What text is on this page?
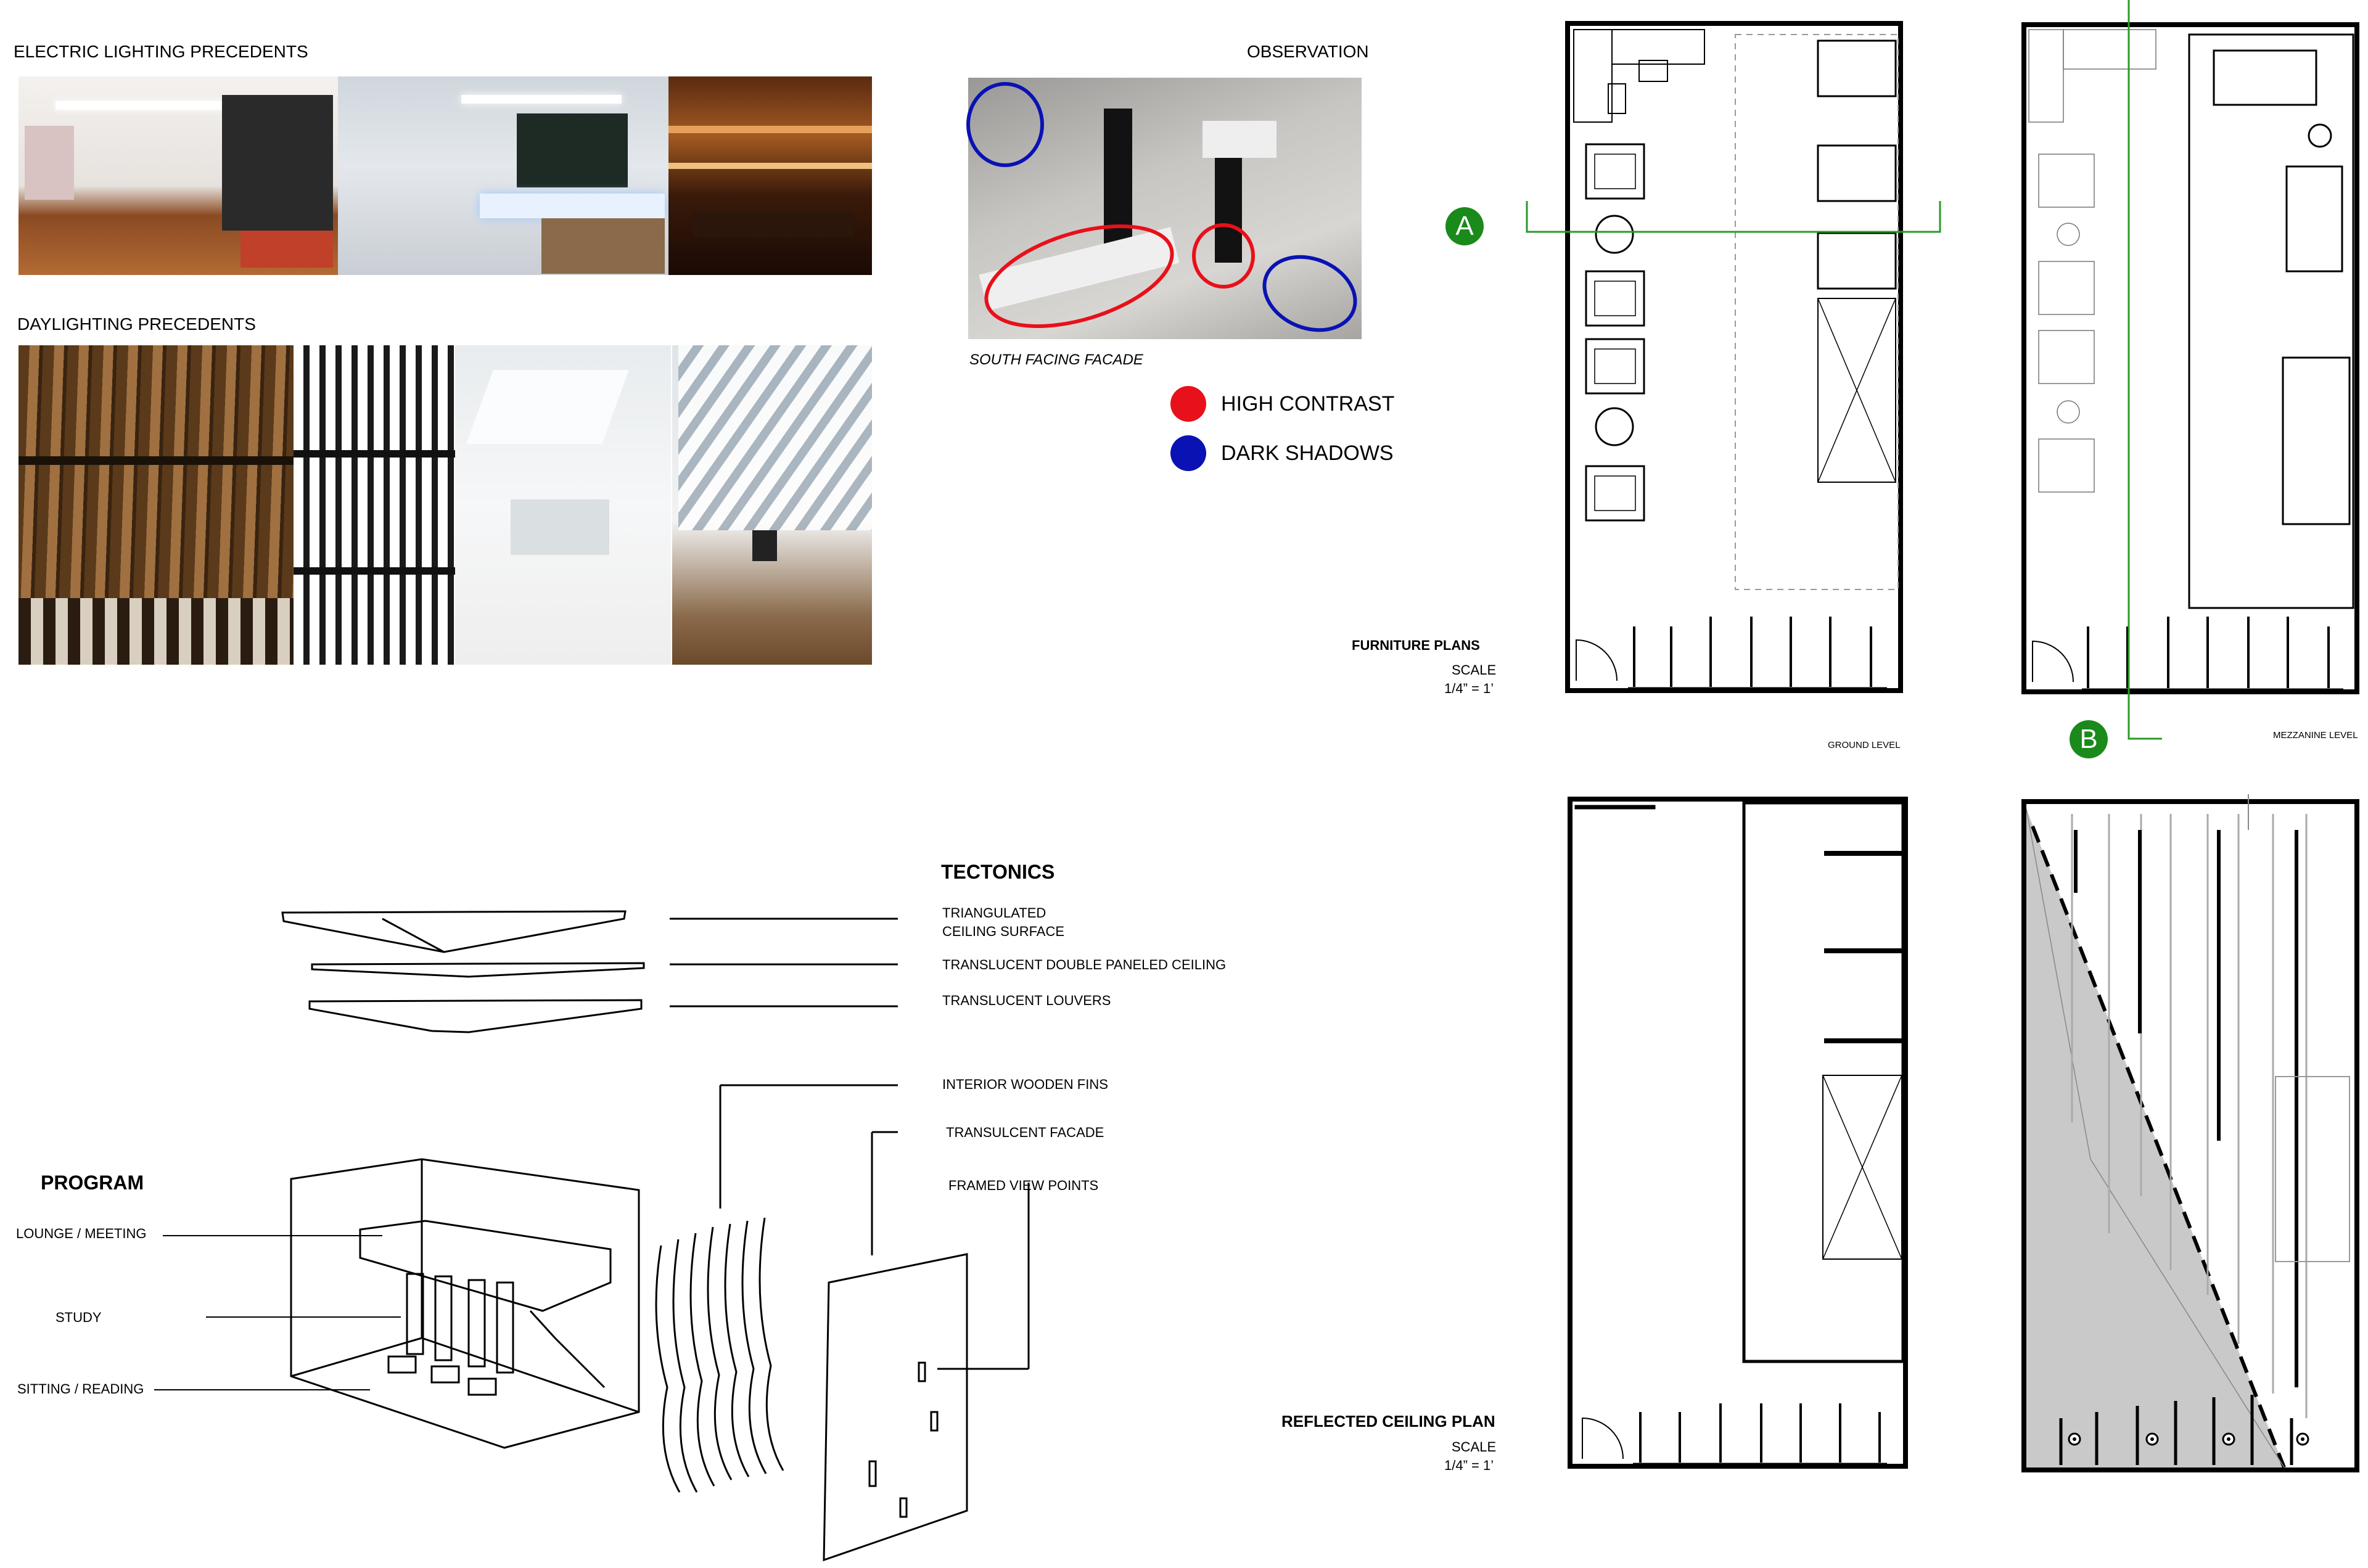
ELECTRIC LIGHTING PRECEDENTS
DAYLIGHTING PRECEDENTS
OBSERVATION
SOUTH FACING FACADE
HIGH CONTRAST
DARK SHADOWS
TECTONICS
TRIANGULATED
CEILING SURFACE
TRANSLUCENT DOUBLE PANELED CEILING
TRANSLUCENT LOUVERS
INTERIOR WOODEN FINS
TRANSULCENT FACADE
FRAMED VIEW POINTS
PROGRAM
LOUNGE / MEETING
STUDY
SITTING / READING
FURNITURE PLANS
SCALE
1/4” = 1’
GROUND LEVEL
MEZZANINE LEVEL
A
B
REFLECTED CEILING PLAN
SCALE
1/4” = 1’
